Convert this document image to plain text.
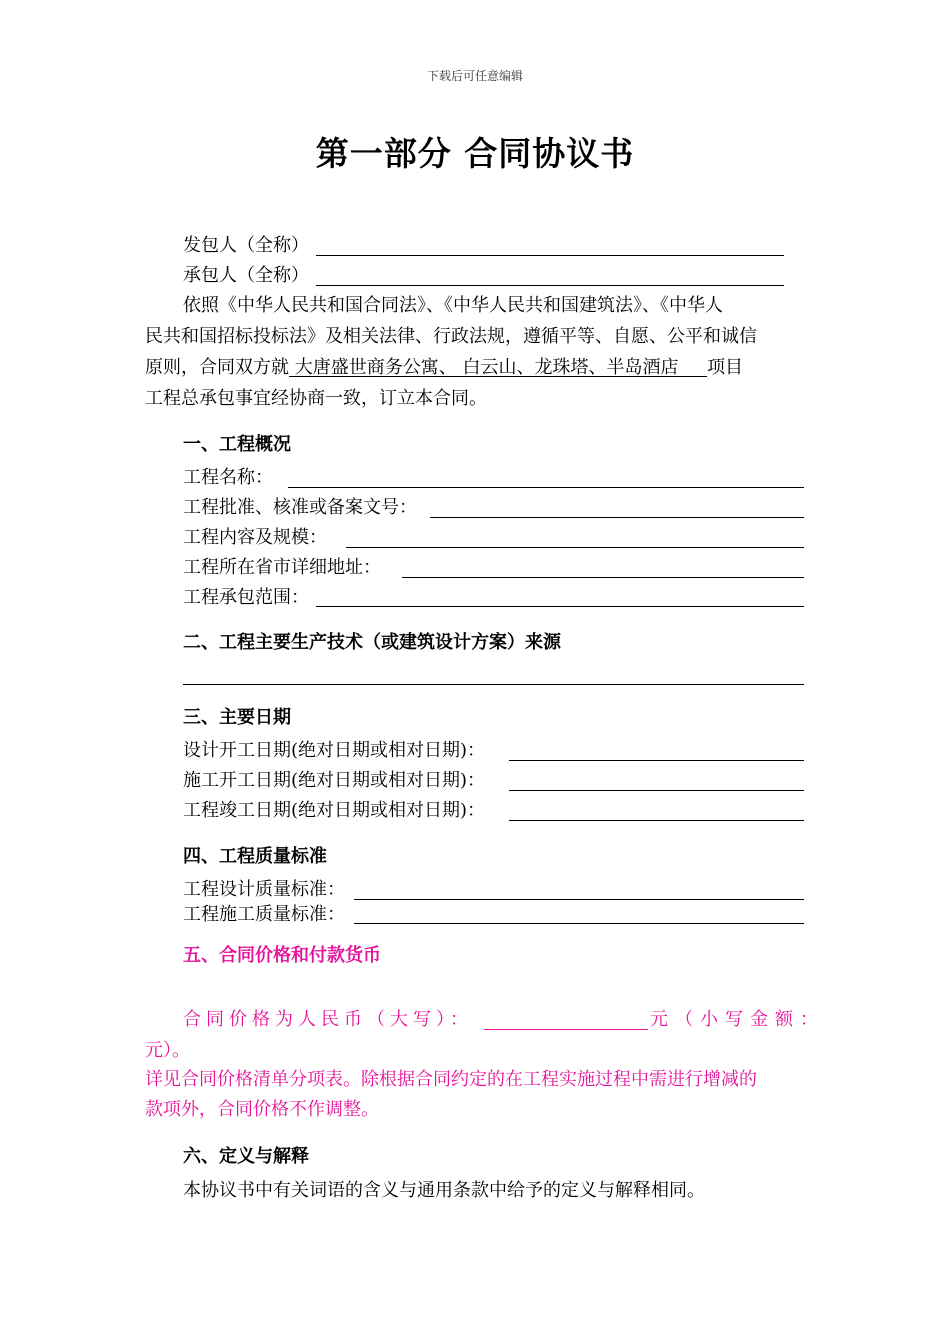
下载后可任意编辑
第一部分 合同协议书
发包人（全称）
承包人（全称）
依照《中华人民共和国合同法》、《中华人民共和国建筑法》、《中华人
民共和国招标投标法》及相关法律、行政法规，遵循平等、自愿、公平和诚信
原则，合同双方就 大唐盛世商务公寓、 白云山、龙珠塔、半岛酒店     项目
工程总承包事宜经协商一致，订立本合同。
一、工程概况
工程名称：
工程批准、核准或备案文号：
工程内容及规模：
工程所在省市详细地址：
工程承包范围：
二、工程主要生产技术（或建筑设计方案）来源
三、主要日期
设计开工日期(绝对日期或相对日期)：
施工开工日期(绝对日期或相对日期)：
工程竣工日期(绝对日期或相对日期)：
四、工程质量标准
工程设计质量标准：
工程施工质量标准：
五、合同价格和付款货币
合同价格为人民币（大写）：	元（小写金额：
元）。
详见合同价格清单分项表。除根据合同约定的在工程实施过程中需进行增减的
款项外，合同价格不作调整。
六、定义与解释
本协议书中有关词语的含义与通用条款中给予的定义与解释相同。
